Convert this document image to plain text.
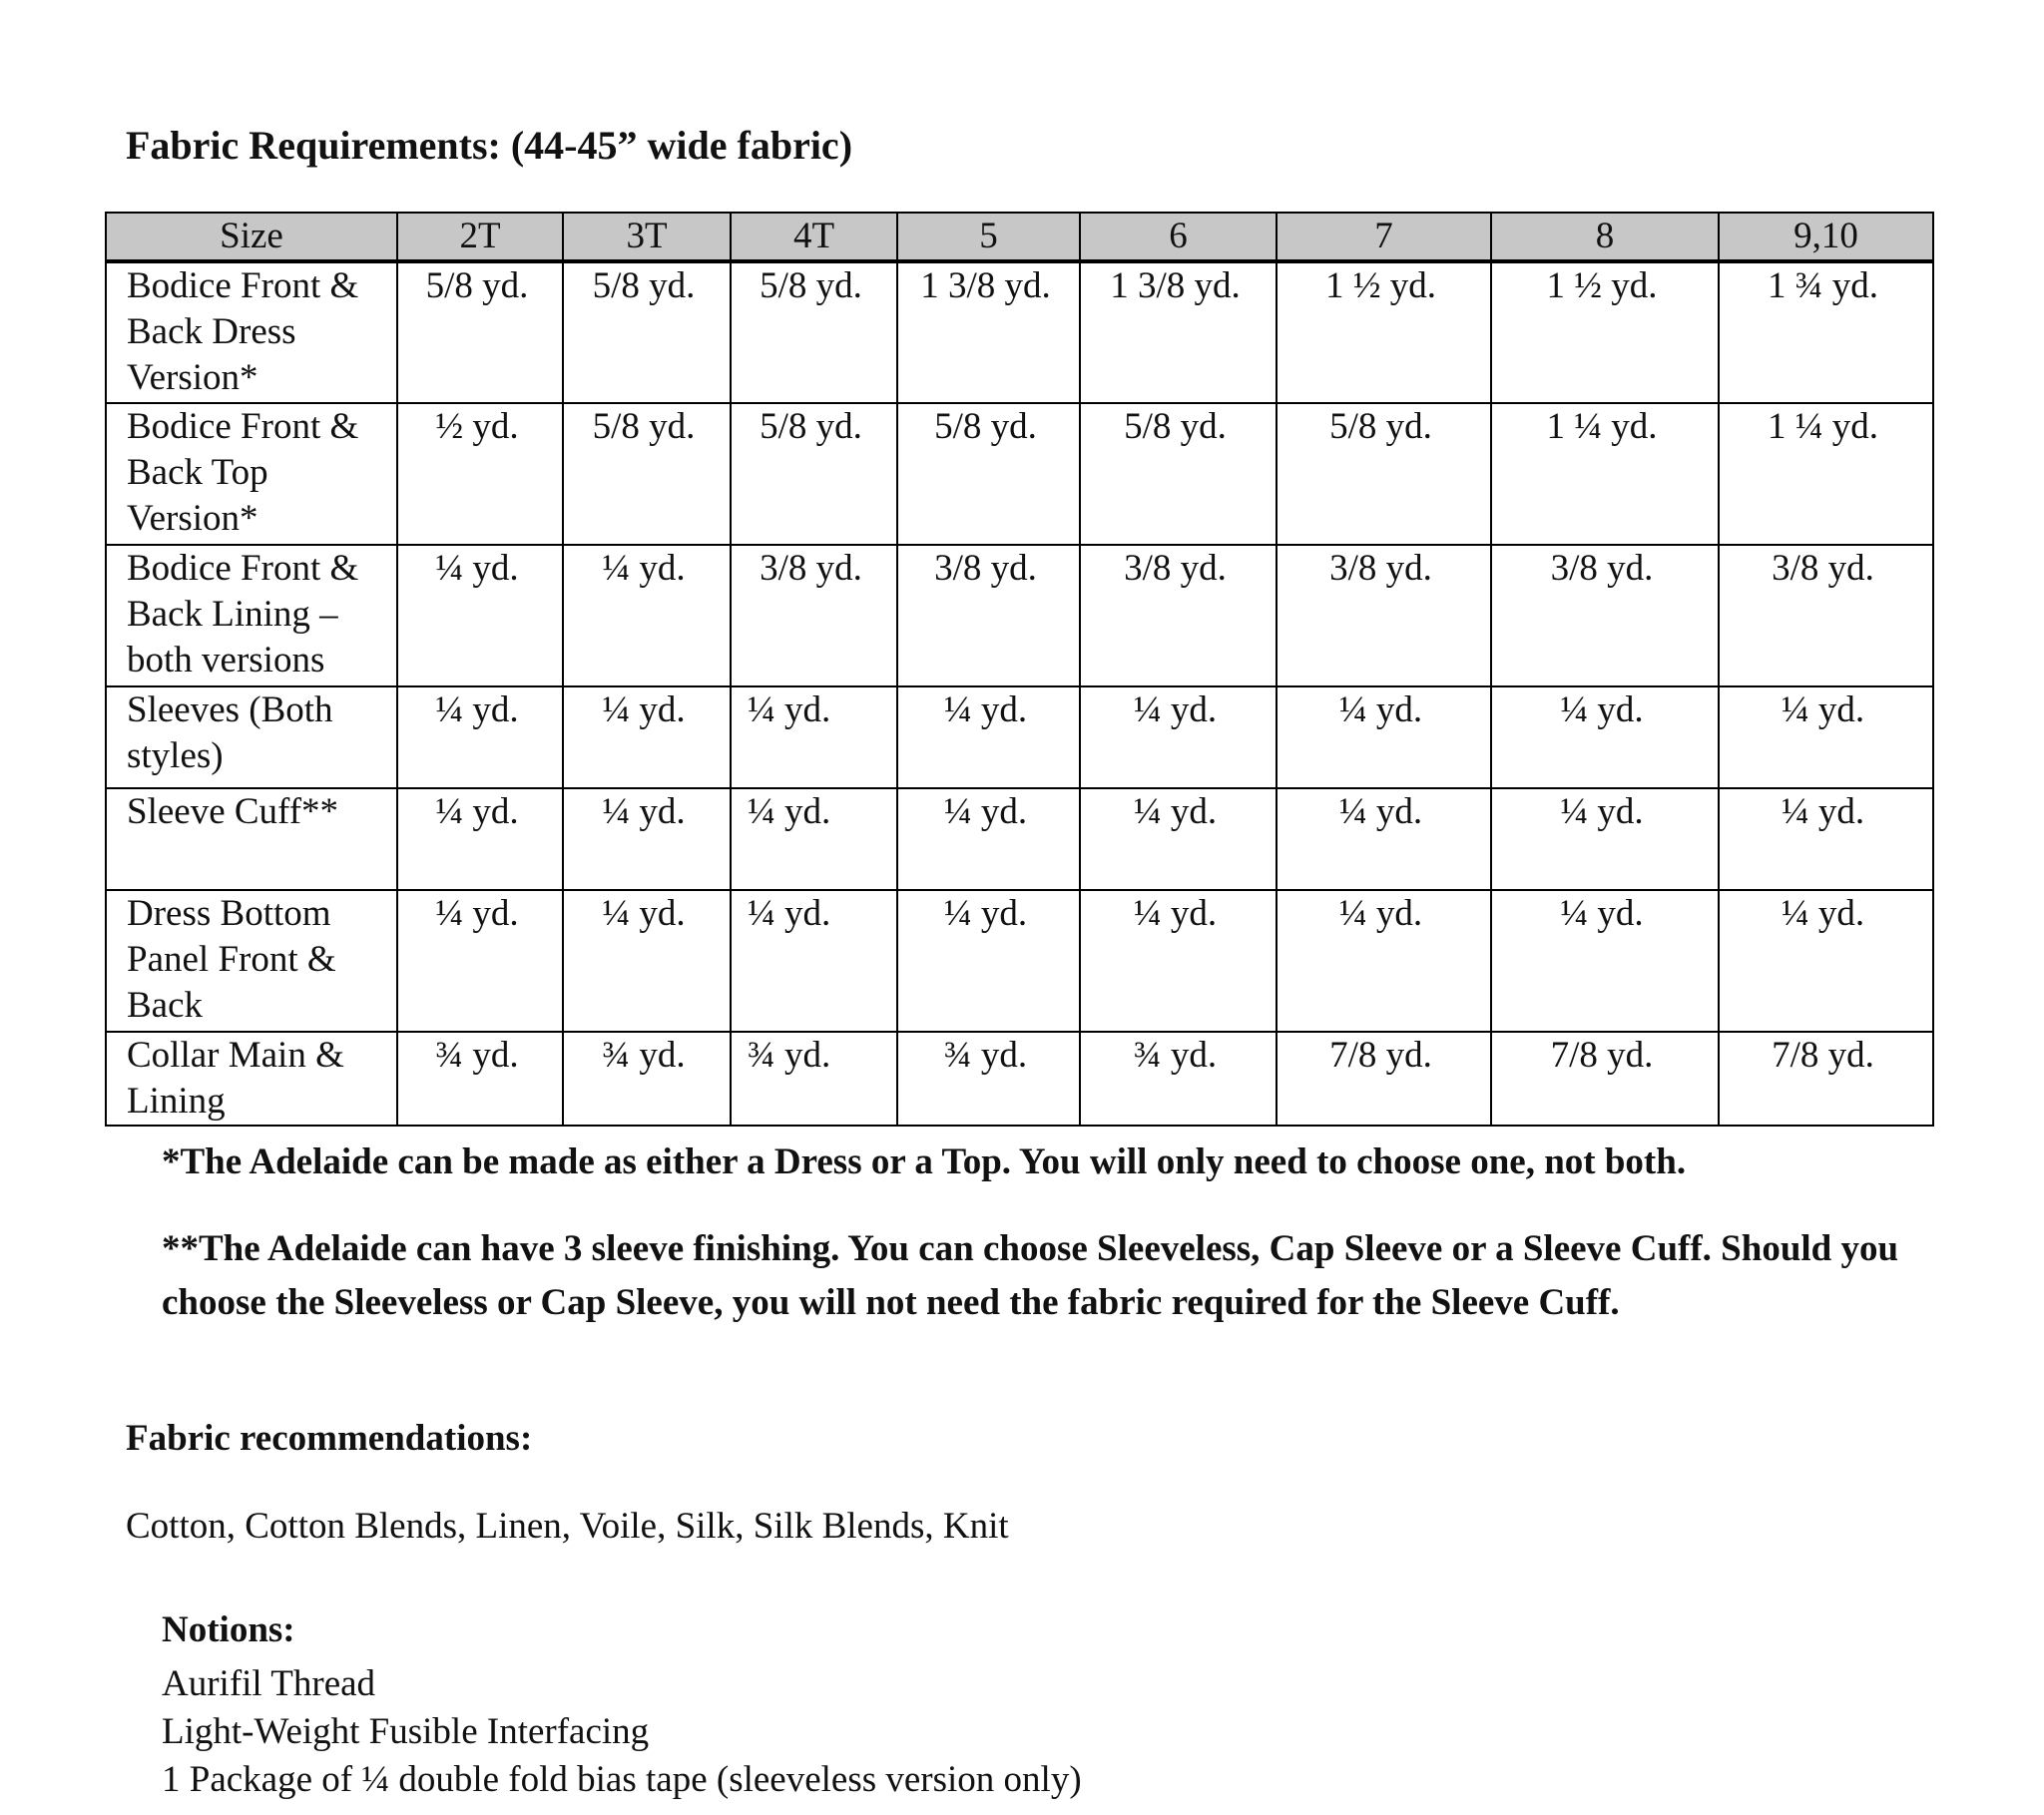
Fabric Requirements: (44-45” wide fabric)
Size	2T	3T	4T	5	6	7	8	9,10
Bodice Front & Back Dress Version*	5/8 yd.	5/8 yd.	5/8 yd.	1 3/8 yd.	1 3/8 yd.	1 ½ yd.	1 ½ yd.	1 ¾ yd.
Bodice Front & Back Top Version*	½ yd.	5/8 yd.	5/8 yd.	5/8 yd.	5/8 yd.	5/8 yd.	1 ¼ yd.	1 ¼ yd.
Bodice Front & Back Lining – both versions	¼ yd.	¼ yd.	3/8 yd.	3/8 yd.	3/8 yd.	3/8 yd.	3/8 yd.	3/8 yd.
Sleeves (Both styles)	¼ yd.	¼ yd.	¼ yd.	¼ yd.	¼ yd.	¼ yd.	¼ yd.	¼ yd.
Sleeve Cuff**	¼ yd.	¼ yd.	¼ yd.	¼ yd.	¼ yd.	¼ yd.	¼ yd.	¼ yd.
Dress Bottom Panel Front & Back	¼ yd.	¼ yd.	¼ yd.	¼ yd.	¼ yd.	¼ yd.	¼ yd.	¼ yd.
Collar Main & Lining	¾ yd.	¾ yd.	¾ yd.	¾ yd.	¾ yd.	7/8 yd.	7/8 yd.	7/8 yd.

*The Adelaide can be made as either a Dress or a Top. You will only need to choose one, not both.

**The Adelaide can have 3 sleeve finishing. You can choose Sleeveless, Cap Sleeve or a Sleeve Cuff. Should you choose the Sleeveless or Cap Sleeve, you will not need the fabric required for the Sleeve Cuff.

Fabric recommendations:

Cotton, Cotton Blends, Linen, Voile, Silk, Silk Blends, Knit

Notions:
Aurifil Thread
Light-Weight Fusible Interfacing
1 Package of ¼ double fold bias tape (sleeveless version only)
